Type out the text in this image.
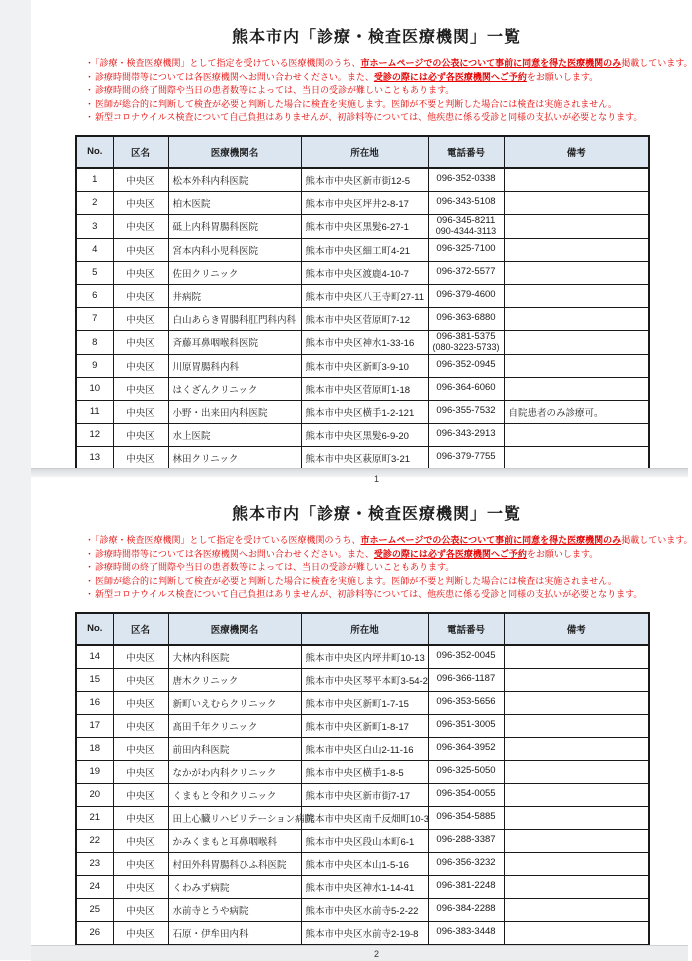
熊本市内「診療・検査医療機関」一覧
・ 「診療・検査医療機関」として指定を受けている医療機関のうち、市ホームページでの公表について事前に同意を得た医療機関のみ掲載しています。
・ 診療時間帯等については各医療機関へお問い合わせください。また、受診の際には必ず各医療機関へご予約をお願いします。
・ 診療時間の終了間際や当日の患者数等によっては、当日の受診が難しいこともあります。
・ 医師が総合的に判断して検査が必要と判断した場合に検査を実施します。医師が不要と判断した場合には検査は実施されません。
・ 新型コロナウイルス検査について自己負担はありませんが、初診料等については、他疾患に係る受診と同様の支払いが必要となります。
No.	区名	医療機関名	所在地	電話番号	備考
1	中央区	松本外科内科医院	熊本市中央区新市街12-5	096-352-0338	

2	中央区	柏木医院	熊本市中央区坪井2-8-17	096-343-5108	

3	中央区	砥上内科胃腸科医院	熊本市中央区黒髪6-27-1	096-345-8211
090-4344-3113	

4	中央区	宮本内科小児科医院	熊本市中央区細工町4-21	096-325-7100	

5	中央区	佐田クリニック	熊本市中央区渡鹿4-10-7	096-372-5577	

6	中央区	井病院	熊本市中央区八王寺町27-11	096-379-4600	

7	中央区	白山あらき胃腸科肛門科内科	熊本市中央区菅原町7-12	096-363-6880	

8	中央区	斉藤耳鼻咽喉科医院	熊本市中央区神水1-33-16	096-381-5375
(080-3223-5733)	

9	中央区	川原胃腸科内科	熊本市中央区新町3-9-10	096-352-0945	

10	中央区	はくざんクリニック	熊本市中央区菅原町1-18	096-364-6060	

11	中央区	小野・出来田内科医院	熊本市中央区横手1-2-121	096-355-7532	自院患者のみ診療可。
12	中央区	水上医院	熊本市中央区黒髪6-9-20	096-343-2913	

13	中央区	林田クリニック	熊本市中央区萩原町3-21	096-379-7755	

1
熊本市内「診療・検査医療機関」一覧
・ 「診療・検査医療機関」として指定を受けている医療機関のうち、市ホームページでの公表について事前に同意を得た医療機関のみ掲載しています。
・ 診療時間帯等については各医療機関へお問い合わせください。また、受診の際には必ず各医療機関へご予約をお願いします。
・ 診療時間の終了間際や当日の患者数等によっては、当日の受診が難しいこともあります。
・ 医師が総合的に判断して検査が必要と判断した場合に検査を実施します。医師が不要と判断した場合には検査は実施されません。
・ 新型コロナウイルス検査について自己負担はありませんが、初診料等については、他疾患に係る受診と同様の支払いが必要となります。
No.	区名	医療機関名	所在地	電話番号	備考
14	中央区	大林内科医院	熊本市中央区内坪井町10-13	096-352-0045	

15	中央区	唐木クリニック	熊本市中央区琴平本町3-54-2	096-366-1187	

16	中央区	新町いえむらクリニック	熊本市中央区新町1-7-15	096-353-5656	

17	中央区	髙田千年クリニック	熊本市中央区新町1-8-17	096-351-3005	

18	中央区	前田内科医院	熊本市中央区白山2-11-16	096-364-3952	

19	中央区	なかがわ内科クリニック	熊本市中央区横手1-8-5	096-325-5050	

20	中央区	くまもと令和クリニック	熊本市中央区新市街7-17	096-354-0055	

21	中央区	田上心臓リハビリテーション病院	熊本市中央区南千反畑町10-3	096-354-5885	

22	中央区	かみくまもと耳鼻咽喉科	熊本市中央区段山本町6-1	096-288-3387	

23	中央区	村田外科胃腸科ひふ科医院	熊本市中央区本山1-5-16	096-356-3232	

24	中央区	くわみず病院	熊本市中央区神水1-14-41	096-381-2248	

25	中央区	水前寺とうや病院	熊本市中央区水前寺5-2-22	096-384-2288	

26	中央区	石原・伊牟田内科	熊本市中央区水前寺2-19-8	096-383-3448	

2
